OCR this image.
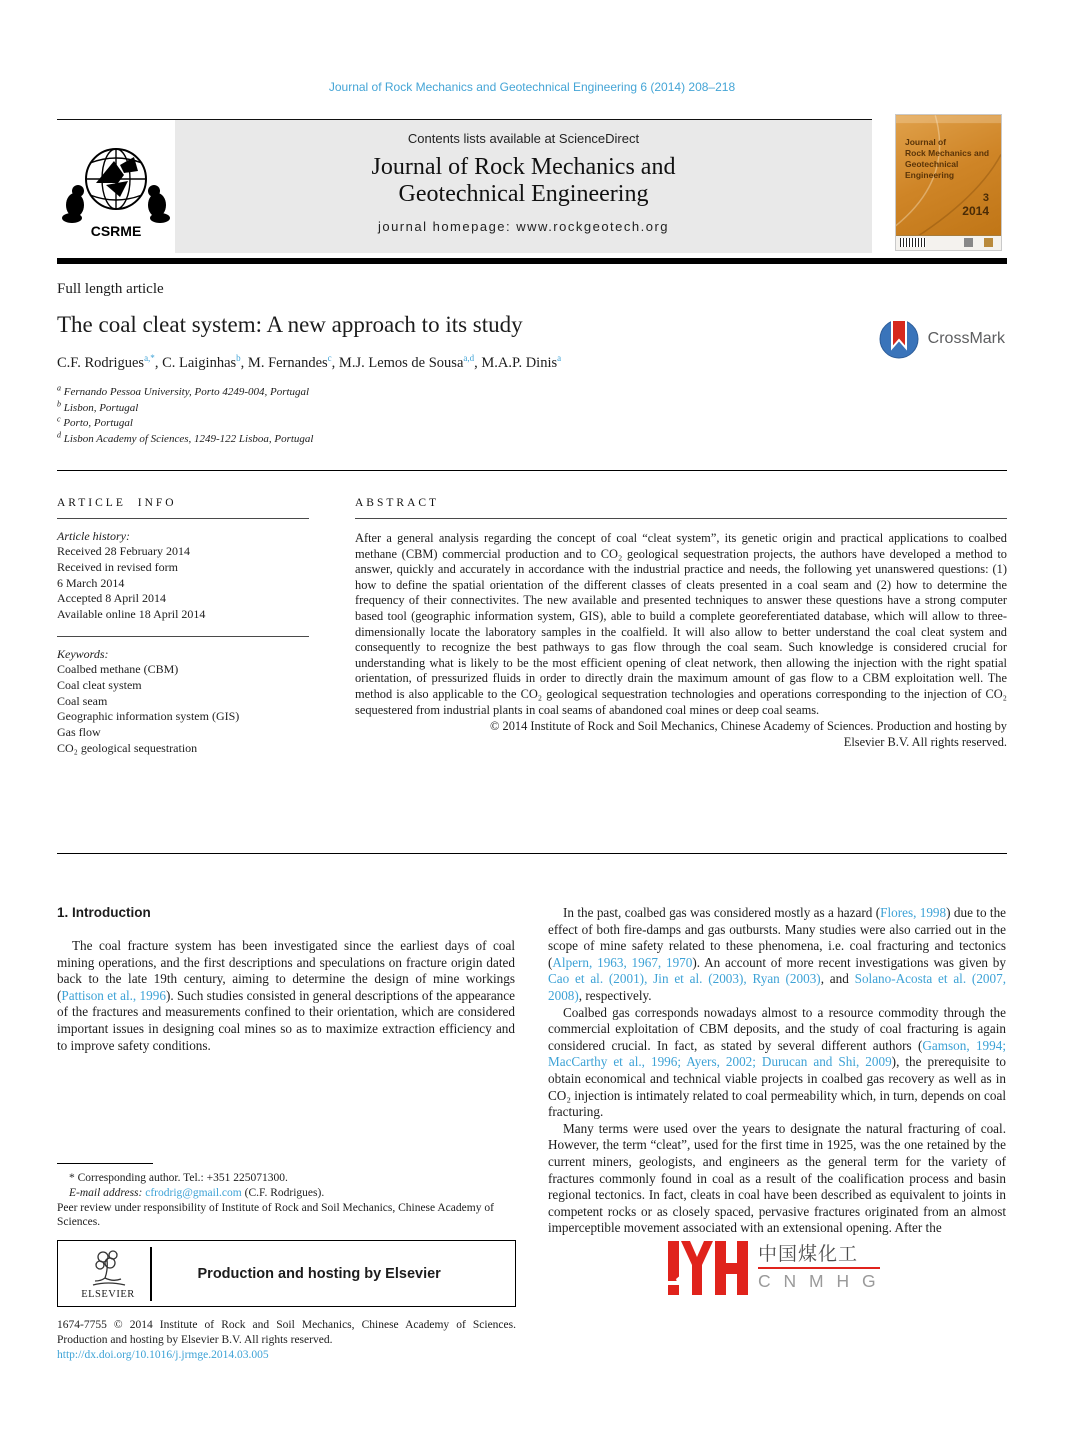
Journal of Rock Mechanics and Geotechnical Engineering 6 (2014) 208–218
CSRME
Contents lists available at ScienceDirect
Journal of Rock Mechanics and
Geotechnical Engineering
journal homepage: www.rockgeotech.org
Journal of
Rock Mechanics and
Geotechnical
Engineering
3
2014
Full length article
The coal cleat system: A new approach to its study
C.F. Rodrigues$^{a,*}$, C. Laiginhas$^b$, M. Fernandes$^c$, M.J. Lemos de Sousa$^{a,d}$, M.A.P. Dinis$^a$
$^a$ Fernando Pessoa University, Porto 4249-004, Portugal
$^b$ Lisbon, Portugal
$^c$ Porto, Portugal
$^d$ Lisbon Academy of Sciences, 1249-122 Lisboa, Portugal
CrossMark
ARTICLE INFO
Article history:
Received 28 February 2014
Received in revised form
6 March 2014
Accepted 8 April 2014
Available online 18 April 2014
Keywords:
Coalbed methane (CBM)
Coal cleat system
Coal seam
Geographic information system (GIS)
Gas flow
CO₂ geological sequestration
ABSTRACT
After a general analysis regarding the concept of coal “cleat system”, its genetic origin and practical applications to coalbed methane (CBM) commercial production and to CO₂ geological sequestration projects, the authors have developed a method to answer, quickly and accurately in accordance with the industrial practice and needs, the following yet unanswered questions: (1) how to define the spatial orientation of the different classes of cleats presented in a coal seam and (2) how to determine the frequency of their connectivites. The new available and presented techniques to answer these questions have a strong computer based tool (geographic information system, GIS), able to build a complete georeferentiated database, which will allow to three-dimensionally locate the laboratory samples in the coalfield. It will also allow to better understand the coal cleat system and consequently to recognize the best pathways to gas flow through the coal seam. Such knowledge is considered crucial for understanding what is likely to be the most efficient opening of cleat network, then allowing the injection with the right spatial orientation, of pressurized fluids in order to directly drain the maximum amount of gas flow to a CBM exploitation well. The method is also applicable to the CO₂ geological sequestration technologies and operations corresponding to the injection of CO₂ sequestered from industrial plants in coal seams of abandoned coal mines or deep coal seams.
© 2014 Institute of Rock and Soil Mechanics, Chinese Academy of Sciences. Production and hosting by
Elsevier B.V. All rights reserved.
1. Introduction
The coal fracture system has been investigated since the earliest days of coal mining operations, and the first descriptions and speculations on fracture origin dated back to the late 19th century, aiming to determine the design of mine workings (Pattison et al., 1996). Such studies consisted in general descriptions of the appearance of the fractures and measurements confined to their orientation, which are considered important issues in designing coal mines so as to maximize extraction efficiency and to improve safety conditions.
In the past, coalbed gas was considered mostly as a hazard (Flores, 1998) due to the effect of both fire-damps and gas outbursts. Many studies were also carried out in the scope of mine safety related to these phenomena, i.e. coal fracturing and tectonics (Alpern, 1963, 1967, 1970). An account of more recent investigations was given by Cao et al. (2001), Jin et al. (2003), Ryan (2003), and Solano-Acosta et al. (2007, 2008), respectively.
Coalbed gas corresponds nowadays almost to a resource commodity through the commercial exploitation of CBM deposits, and the study of coal fracturing is again considered crucial. In fact, as stated by several different authors (Gamson, 1994; MacCarthy et al., 1996; Ayers, 2002; Durucan and Shi, 2009), the prerequisite to obtain economical and technical viable projects in coalbed gas recovery as well as in CO₂ injection is intimately related to coal permeability which, in turn, depends on coal fracturing.
Many terms were used over the years to designate the natural fracturing of coal. However, the term “cleat”, used for the first time in 1925, was the one retained by the current miners, geologists, and engineers as the general term for the variety of fractures commonly found in coal as a result of the coalification process and basin regional tectonics. In fact, cleats in coal have been described as equivalent to joints in competent rocks or as closely spaced, pervasive fractures originated from an almost imperceptible movement associated with an extensional opening. After the
* Corresponding author. Tel.: +351 225071300.
E-mail address: cfrodrig@gmail.com (C.F. Rodrigues).
Peer review under responsibility of Institute of Rock and Soil Mechanics, Chinese Academy of Sciences.
ELSEVIER
Production and hosting by Elsevier
1674-7755 © 2014 Institute of Rock and Soil Mechanics, Chinese Academy of Sciences. Production and hosting by Elsevier B.V. All rights reserved.
http://dx.doi.org/10.1016/j.jrmge.2014.03.005
中国煤化工
C N M H G
